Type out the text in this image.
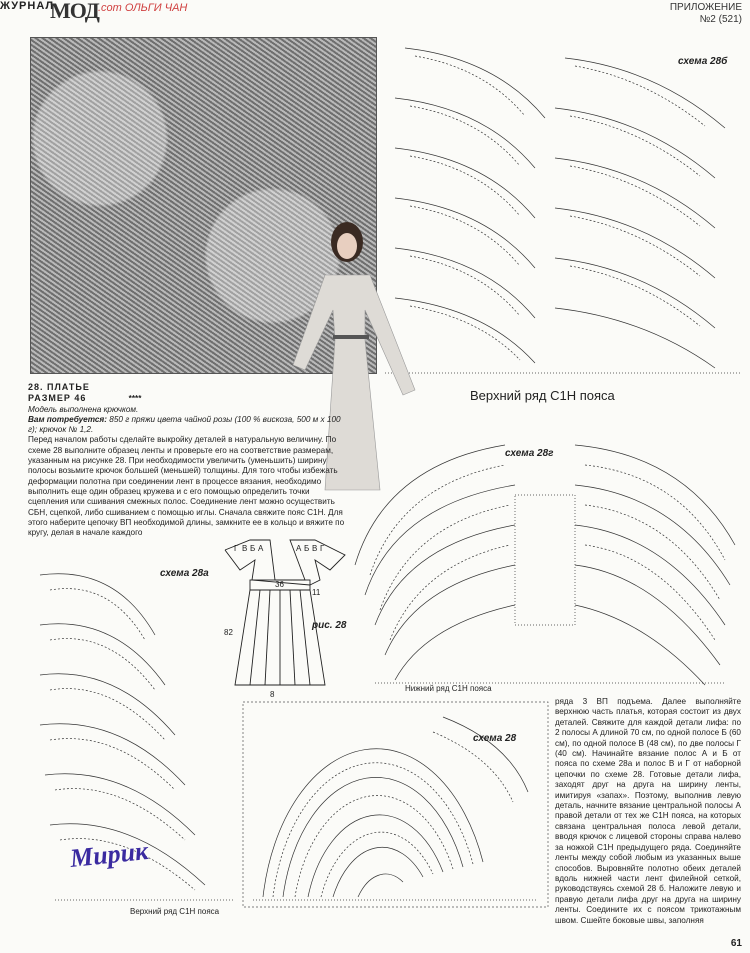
ЖУРНАЛ
МОД .com ОЛЬГИ ЧАН	ПРИЛОЖЕНИЕ
№2 (521)
схема 28б
Верхний ряд С1Н пояса
28. ПЛАТЬЕ
РАЗМЕР 46	****
Модель выполнена крючком.
Вам потребуется: 850 г пряжи цвета чайной розы (100 % вискоза, 500 м х 100 г); крючок № 1,2.
Перед началом работы сделайте выкройку деталей в натуральную величину. По схеме 28 выполните образец ленты и проверьте его на соответствие размерам, указанным на рисунке 28. При необходимости увеличить (уменьшить) ширину полосы возьмите крючок большей (меньшей) толщины. Для того чтобы избежать деформации полотна при соединении лент в процессе вязания, необходимо выполнить еще один образец кружева и с его помощью определить точки сцепления или сшивания смежных полос. Соединение лент можно осуществить СБН, сцепкой, либо сшиванием с помощью иглы. Сначала свяжите пояс С1Н. Для этого наберите цепочку ВП необходимой длины, замкните ее в кольцо и вяжите по кругу, делая в начале каждого
схема 28г
Нижний ряд С1Н пояса
36
11
82
8
Г В Б А	А Б В Г
рис. 28
схема 28а
схема 28
Верхний ряд С1Н пояса
ряда 3 ВП подъема. Далее выполняйте верхнюю часть платья, которая состоит из двух деталей. Свяжите для каждой детали лифа: по 2 полосы А длиной 70 см, по одной полосе Б (60 см), по одной полосе В (48 см), по две полосы Г (40 см). Начинайте вязание полос А и Б от пояса по схеме 28а и полос В и Г от наборной цепочки по схеме 28. Готовые детали лифа, заходят друг на друга на ширину ленты, имитируя «запах». Поэтому, выполнив левую деталь, начните вязание центральной полосы А правой детали от тех же С1Н пояса, на которых связана центральная полоса левой детали, вводя крючок с лицевой стороны справа налево за ножкой С1Н предыдущего ряда. Соединяйте ленты между собой любым из указанных выше способов. Выровняйте полотно обеих деталей вдоль нижней части лент филейной сеткой, руководствуясь схемой 28 б. Наложите левую и правую детали лифа друг на друга на ширину ленты. Соедините их с поясом трикотажным швом. Сшейте боковые швы, заполняя
Мирик
61
